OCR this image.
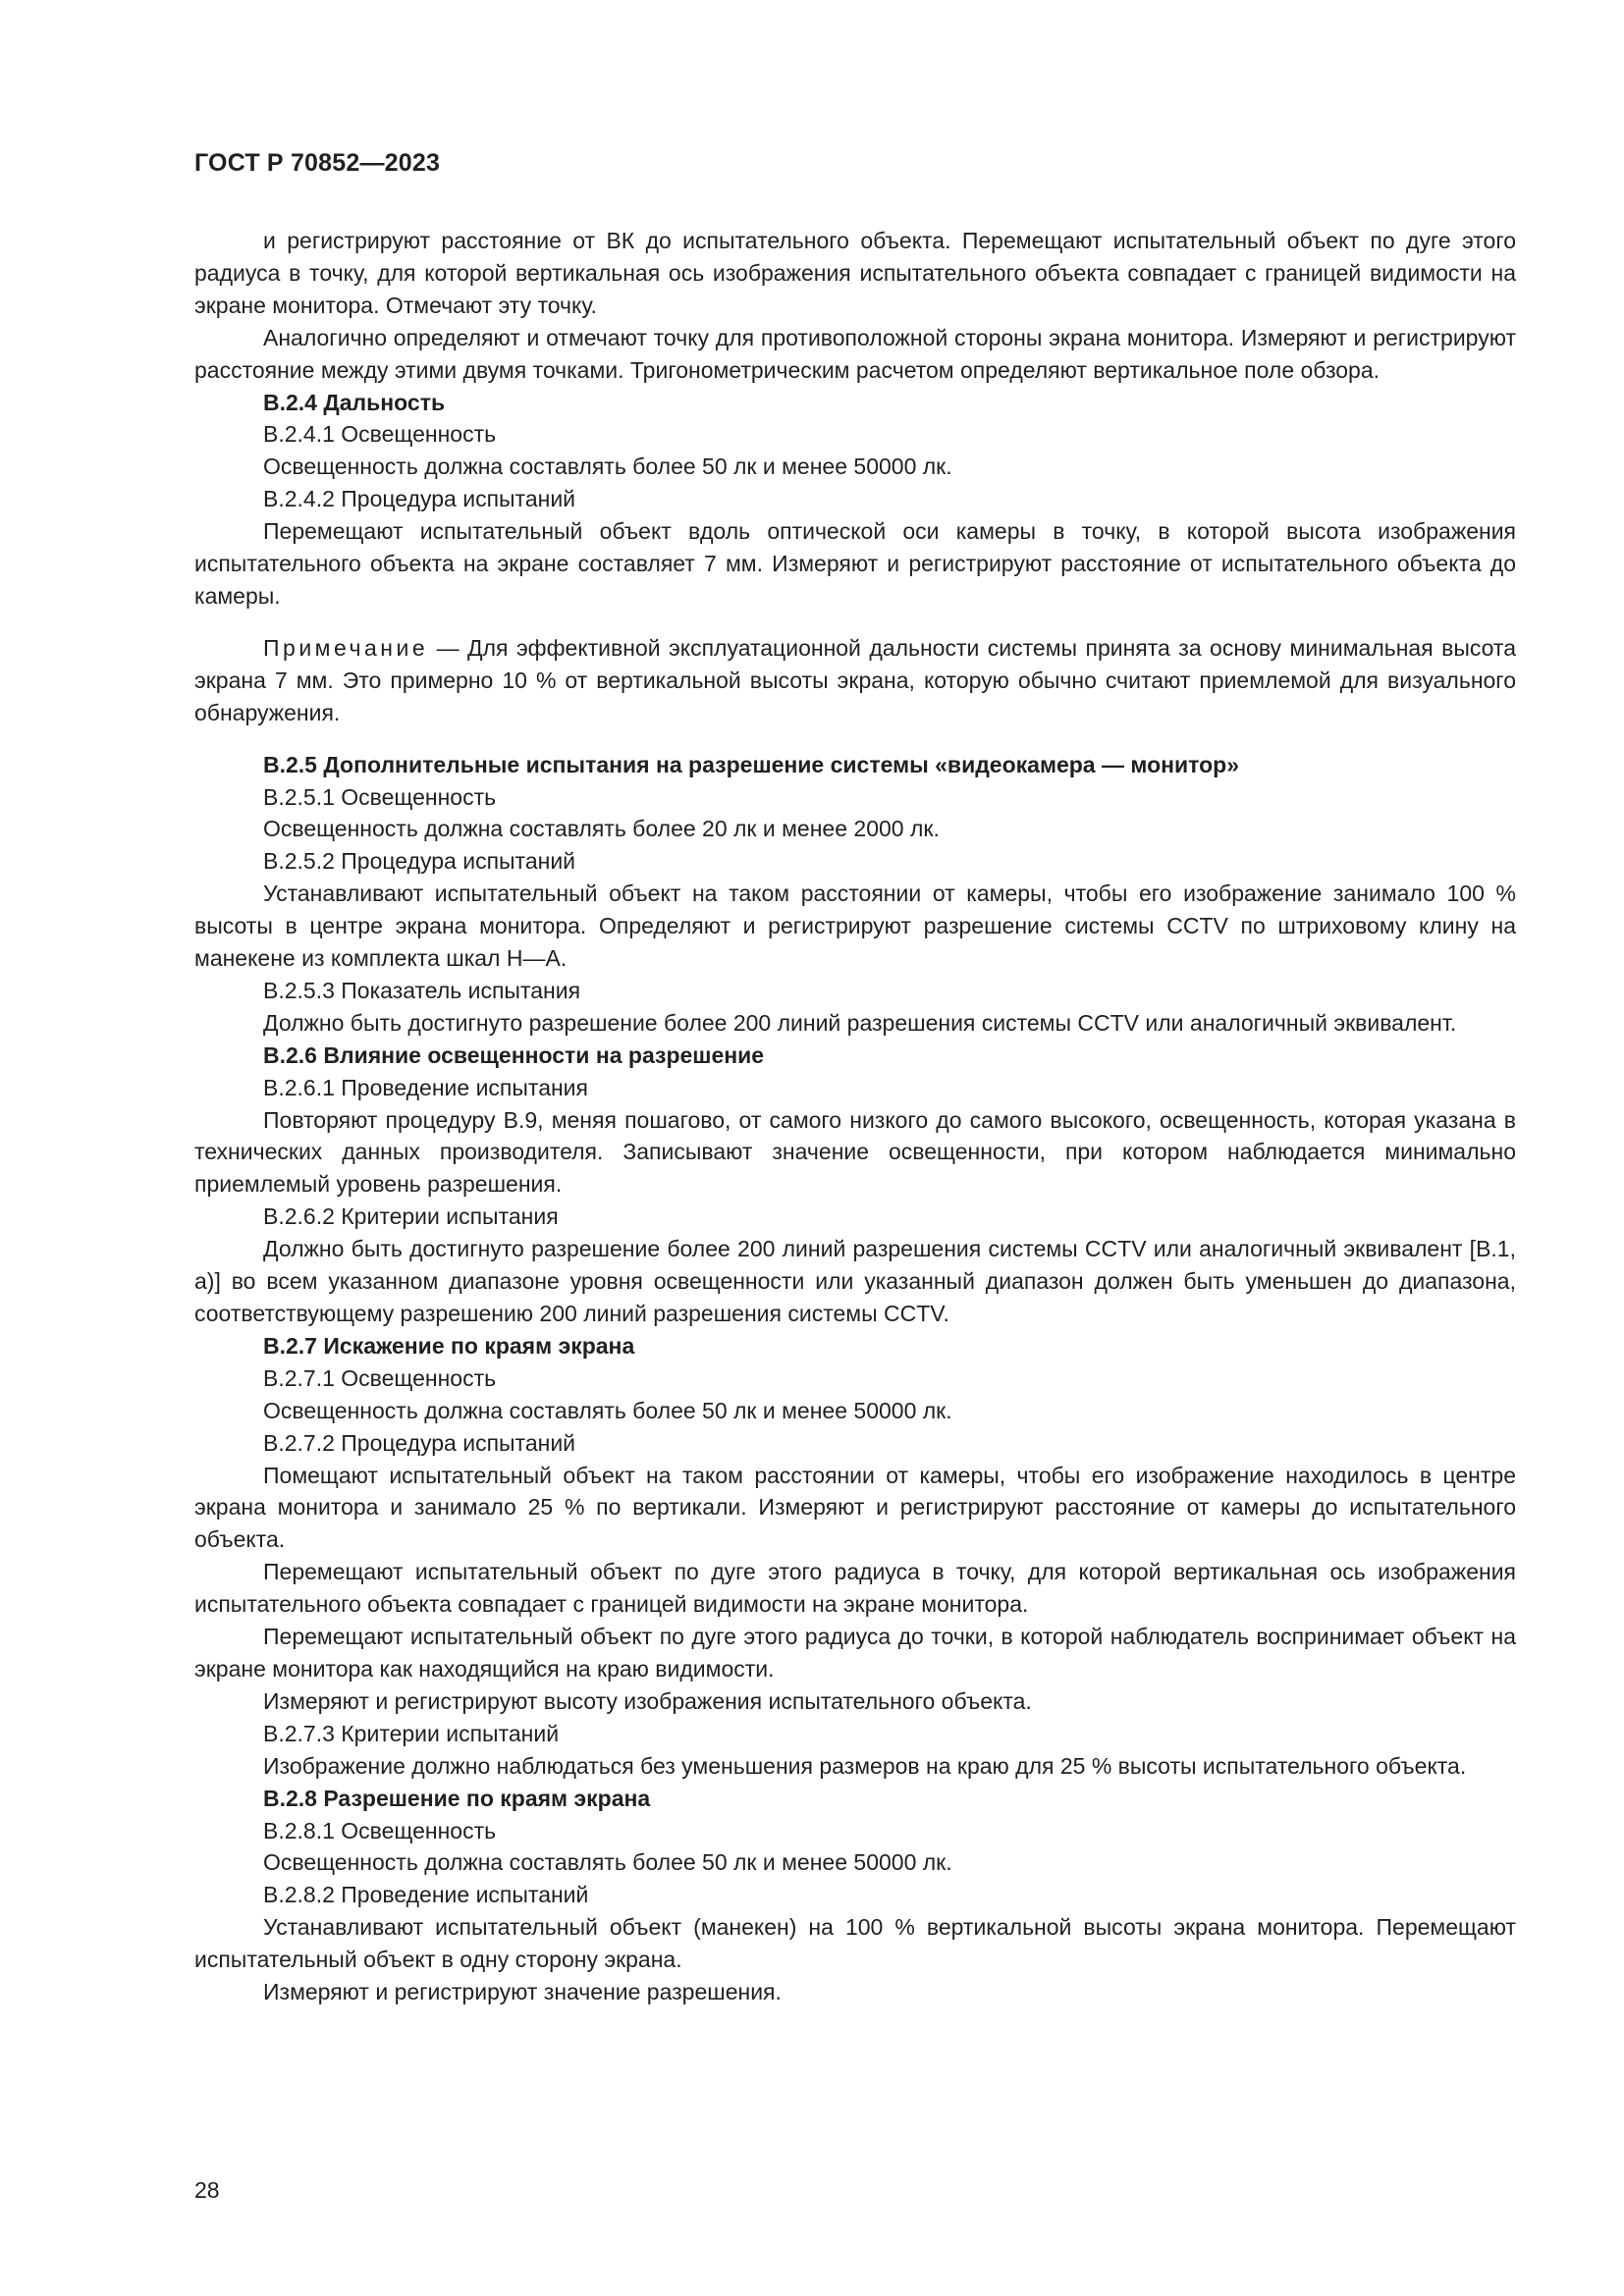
ГОСТ Р 70852—2023

и регистрируют расстояние от ВК до испытательного объекта. Перемещают испытательный объект по дуге этого радиуса в точку, для которой вертикальная ось изображения испытательного объекта совпадает с границей видимости на экране монитора. Отмечают эту точку.

Аналогично определяют и отмечают точку для противоположной стороны экрана монитора. Измеряют и регистрируют расстояние между этими двумя точками. Тригонометрическим расчетом определяют вертикальное поле обзора.

В.2.4 Дальность

В.2.4.1 Освещенность

Освещенность должна составлять более 50 лк и менее 50000 лк.

В.2.4.2 Процедура испытаний

Перемещают испытательный объект вдоль оптической оси камеры в точку, в которой высота изображения испытательного объекта на экране составляет 7 мм. Измеряют и регистрируют расстояние от испытательного объекта до камеры.

Примечание — Для эффективной эксплуатационной дальности системы принята за основу минимальная высота экрана 7 мм. Это примерно 10 % от вертикальной высоты экрана, которую обычно считают приемлемой для визуального обнаружения.

В.2.5 Дополнительные испытания на разрешение системы «видеокамера — монитор»

В.2.5.1 Освещенность

Освещенность должна составлять более 20 лк и менее 2000 лк.

В.2.5.2 Процедура испытаний

Устанавливают испытательный объект на таком расстоянии от камеры, чтобы его изображение занимало 100 % высоты в центре экрана монитора. Определяют и регистрируют разрешение системы CCTV по штриховому клину на манекене из комплекта шкал Н—А.

В.2.5.3 Показатель испытания

Должно быть достигнуто разрешение более 200 линий разрешения системы CCTV или аналогичный эквивалент.

В.2.6 Влияние освещенности на разрешение

В.2.6.1 Проведение испытания

Повторяют процедуру В.9, меняя пошагово, от самого низкого до самого высокого, освещенность, которая указана в технических данных производителя. Записывают значение освещенности, при котором наблюдается минимально приемлемый уровень разрешения.

В.2.6.2 Критерии испытания

Должно быть достигнуто разрешение более 200 линий разрешения системы CCTV или аналогичный эквивалент [В.1, а)] во всем указанном диапазоне уровня освещенности или указанный диапазон должен быть уменьшен до диапазона, соответствующему разрешению 200 линий разрешения системы CCTV.

В.2.7 Искажение по краям экрана

В.2.7.1 Освещенность

Освещенность должна составлять более 50 лк и менее 50000 лк.

В.2.7.2 Процедура испытаний

Помещают испытательный объект на таком расстоянии от камеры, чтобы его изображение находилось в центре экрана монитора и занимало 25 % по вертикали. Измеряют и регистрируют расстояние от камеры до испытательного объекта.

Перемещают испытательный объект по дуге этого радиуса в точку, для которой вертикальная ось изображения испытательного объекта совпадает с границей видимости на экране монитора.

Перемещают испытательный объект по дуге этого радиуса до точки, в которой наблюдатель воспринимает объект на экране монитора как находящийся на краю видимости.

Измеряют и регистрируют высоту изображения испытательного объекта.

В.2.7.3 Критерии испытаний

Изображение должно наблюдаться без уменьшения размеров на краю для 25 % высоты испытательного объекта.

В.2.8 Разрешение по краям экрана

В.2.8.1 Освещенность

Освещенность должна составлять более 50 лк и менее 50000 лк.

В.2.8.2 Проведение испытаний

Устанавливают испытательный объект (манекен) на 100 % вертикальной высоты экрана монитора. Перемещают испытательный объект в одну сторону экрана.

Измеряют и регистрируют значение разрешения.

28
